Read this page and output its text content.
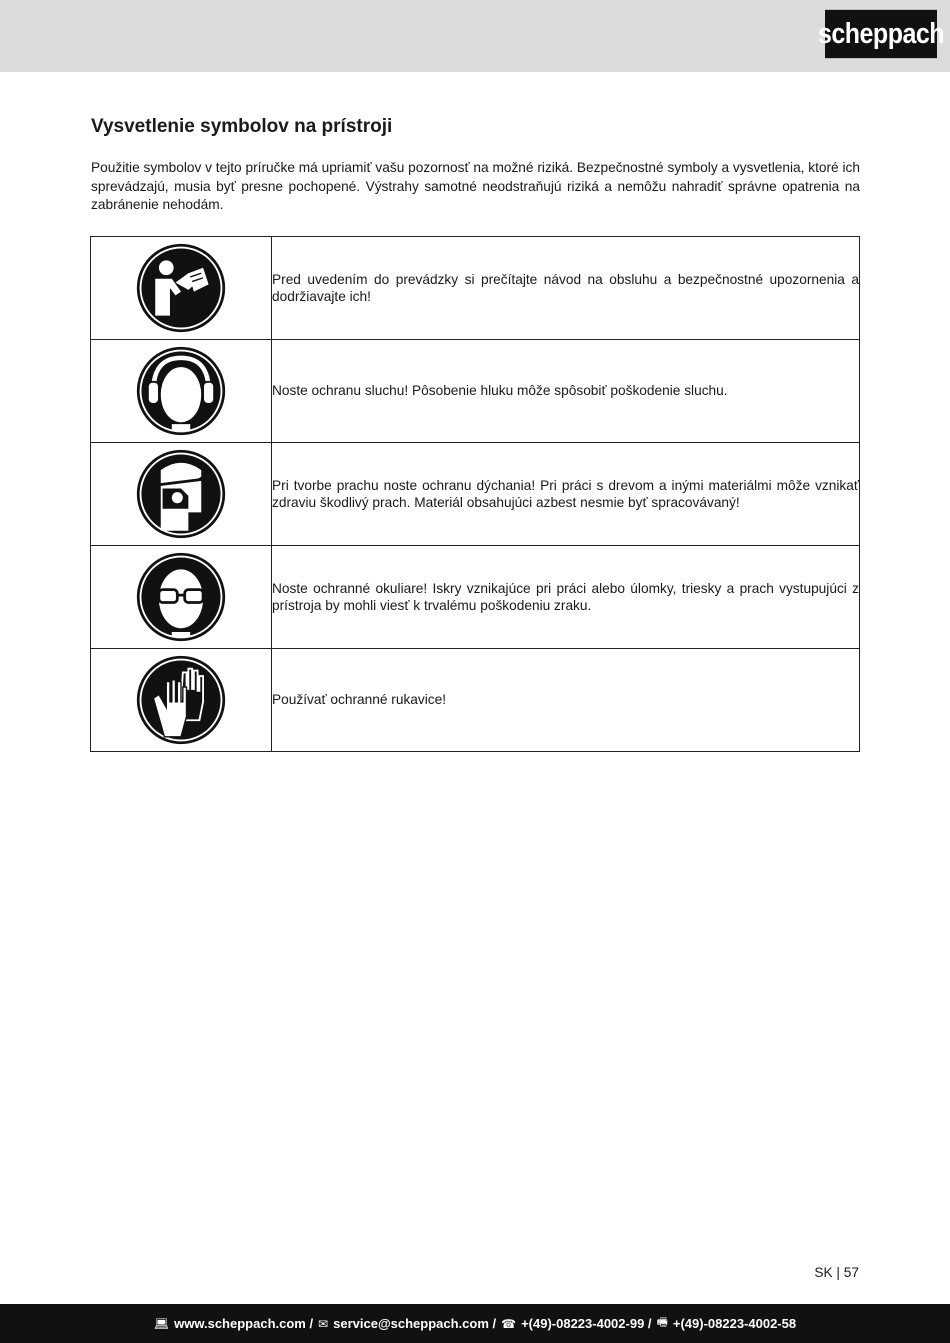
scheppach
Vysvetlenie symbolov na prístroji

Použitie symbolov v tejto príručke má upriamiť vašu pozornosť na možné riziká. Bezpečnostné symboly a vysvetlenia, ktoré ich sprevádzajú, musia byť presne pochopené. Výstrahy samotné neodstraňujú riziká a nemôžu nahradiť správne opatrenia na zabránenie nehodám.

	Pred uvedením do prevádzky si prečítajte návod na obsluhu a bezpečnostné upozornenia a dodržiavajte ich!

	Noste ochranu sluchu! Pôsobenie hluku môže spôsobiť poškodenie sluchu.

	Pri tvorbe prachu noste ochranu dýchania! Pri práci s drevom a inými materiálmi môže vznikať zdraviu škodlivý prach. Materiál obsahujúci azbest nesmie byť spracovávaný!

	Noste ochranné okuliare! Iskry vznikajúce pri práci alebo úlomky, triesky a prach vystupujúci z prístroja by mohli viesť k trvalému poškodeniu zraku.

	Používať ochranné rukavice!
SK | 57
💻︎ www.scheppach.com / ✉︎ service@scheppach.com / ☎︎ +(49)-08223-4002-99 / 🖷︎ +(49)-08223-4002-58
